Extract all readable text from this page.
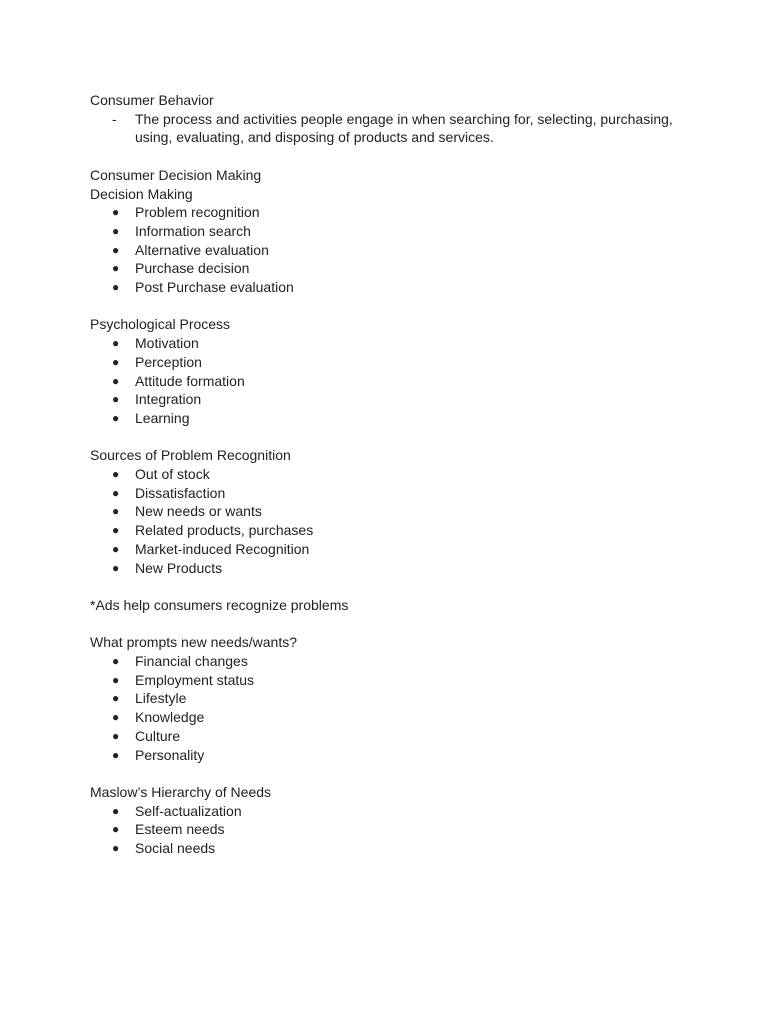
Consumer Behavior

- The process and activities people engage in when searching for, selecting, purchasing, using, evaluating, and disposing of products and services.

Consumer Decision Making

Decision Making

● Problem recognition
● Information search
● Alternative evaluation
● Purchase decision
● Post Purchase evaluation

Psychological Process

● Motivation
● Perception
● Attitude formation
● Integration
● Learning

Sources of Problem Recognition

● Out of stock
● Dissatisfaction
● New needs or wants
● Related products, purchases
● Market-induced Recognition
● New Products

*Ads help consumers recognize problems

What prompts new needs/wants?

● Financial changes
● Employment status
● Lifestyle
● Knowledge
● Culture
● Personality

Maslow’s Hierarchy of Needs

● Self-actualization
● Esteem needs
● Social needs
